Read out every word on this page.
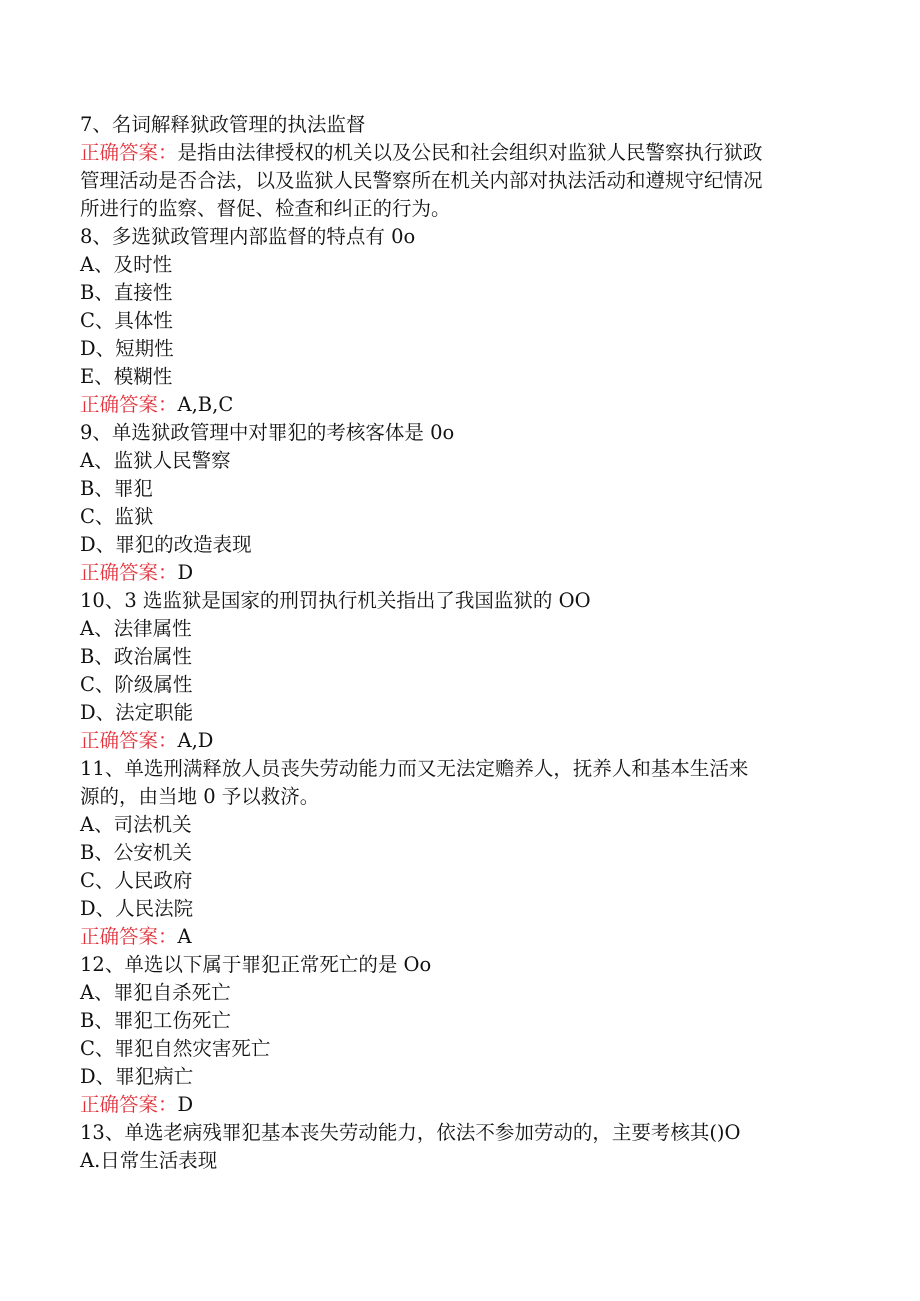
7、名词解释狱政管理的执法监督

正确答案：是指由法律授权的机关以及公民和社会组织对监狱人民警察执行狱政

管理活动是否合法，以及监狱人民警察所在机关内部对执法活动和遵规守纪情况

所进行的监察、督促、检查和纠正的行为。

8、多选狱政管理内部监督的特点有 0o

A、及时性

B、直接性

C、具体性

D、短期性

E、模糊性

正确答案：A,B,C

9、单选狱政管理中对罪犯的考核客体是 0o

A、监狱人民警察

B、罪犯

C、监狱

D、罪犯的改造表现

正确答案：D

10、3 选监狱是国家的刑罚执行机关指出了我国监狱的 OO

A、法律属性

B、政治属性

C、阶级属性

D、法定职能

正确答案：A,D

11、单选刑满释放人员丧失劳动能力而又无法定赡养人，抚养人和基本生活来

源的，由当地 0 予以救济。

A、司法机关

B、公安机关

C、人民政府

D、人民法院

正确答案：A

12、单选以下属于罪犯正常死亡的是 Oo

A、罪犯自杀死亡

B、罪犯工伤死亡

C、罪犯自然灾害死亡

D、罪犯病亡

正确答案：D

13、单选老病残罪犯基本丧失劳动能力，依法不参加劳动的，主要考核其()O

A.日常生活表现
